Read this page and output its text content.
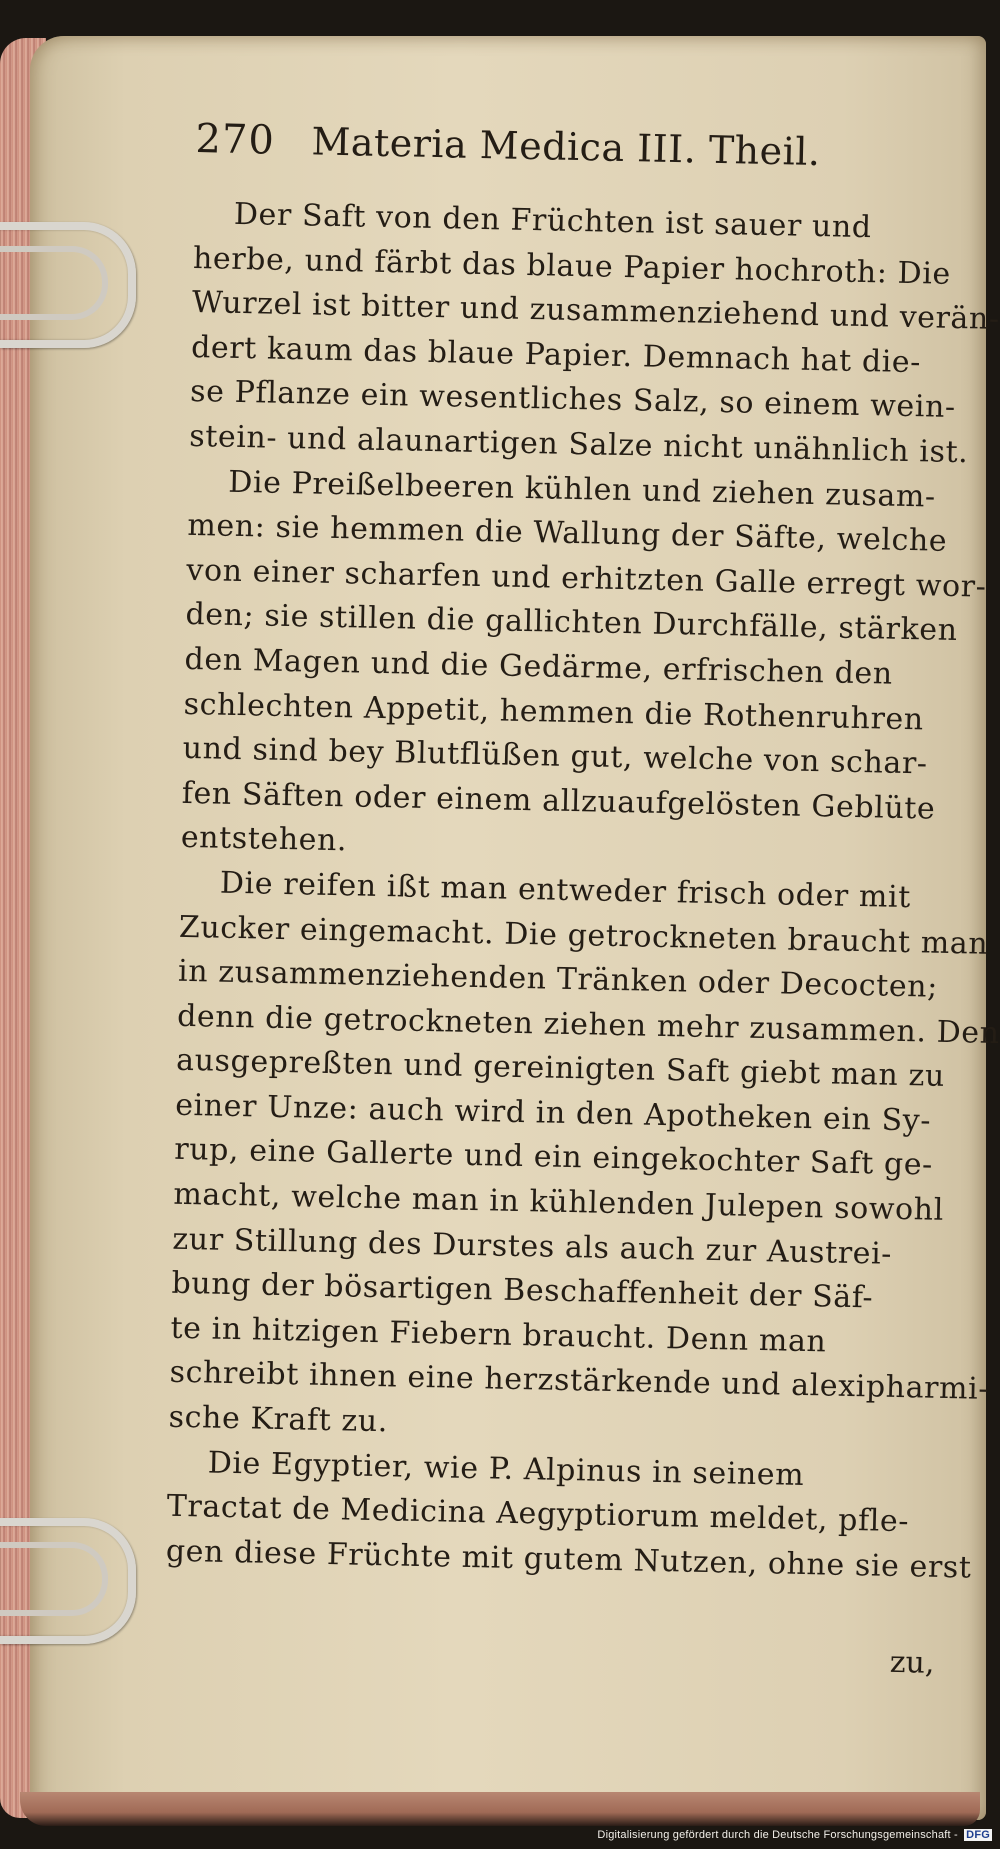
270 Materia Medica III. Theil.
Der Saft von den Früchten ist sauer und
herbe, und färbt das blaue Papier hochroth: Die
Wurzel ist bitter und zusammenziehend und verän-
dert kaum das blaue Papier. Demnach hat die-
se Pflanze ein wesentliches Salz, so einem wein-
stein- und alaunartigen Salze nicht unähnlich ist.
Die Preißelbeeren kühlen und ziehen zusam-
men: sie hemmen die Wallung der Säfte, welche
von einer scharfen und erhitzten Galle erregt wor-
den; sie stillen die gallichten Durchfälle, stärken
den Magen und die Gedärme, erfrischen den
schlechten Appetit, hemmen die Rothenruhren
und sind bey Blutflüßen gut, welche von schar-
fen Säften oder einem allzuaufgelösten Geblüte
entstehen.
Die reifen ißt man entweder frisch oder mit
Zucker eingemacht. Die getrockneten braucht man
in zusammenziehenden Tränken oder Decocten;
denn die getrockneten ziehen mehr zusammen. Den
ausgepreßten und gereinigten Saft giebt man zu
einer Unze: auch wird in den Apotheken ein Sy-
rup, eine Gallerte und ein eingekochter Saft ge-
macht, welche man in kühlenden Julepen sowohl
zur Stillung des Durstes als auch zur Austrei-
bung der bösartigen Beschaffenheit der Säf-
te in hitzigen Fiebern braucht. Denn man
schreibt ihnen eine herzstärkende und alexipharmi-
sche Kraft zu.
Die Egyptier, wie P. Alpinus in seinem
Tractat de Medicina Aegyptiorum meldet, pfle-
gen diese Früchte mit gutem Nutzen, ohne sie erst
zu,
Digitalisierung gefördert durch die Deutsche Forschungsgemeinschaft - DFG
